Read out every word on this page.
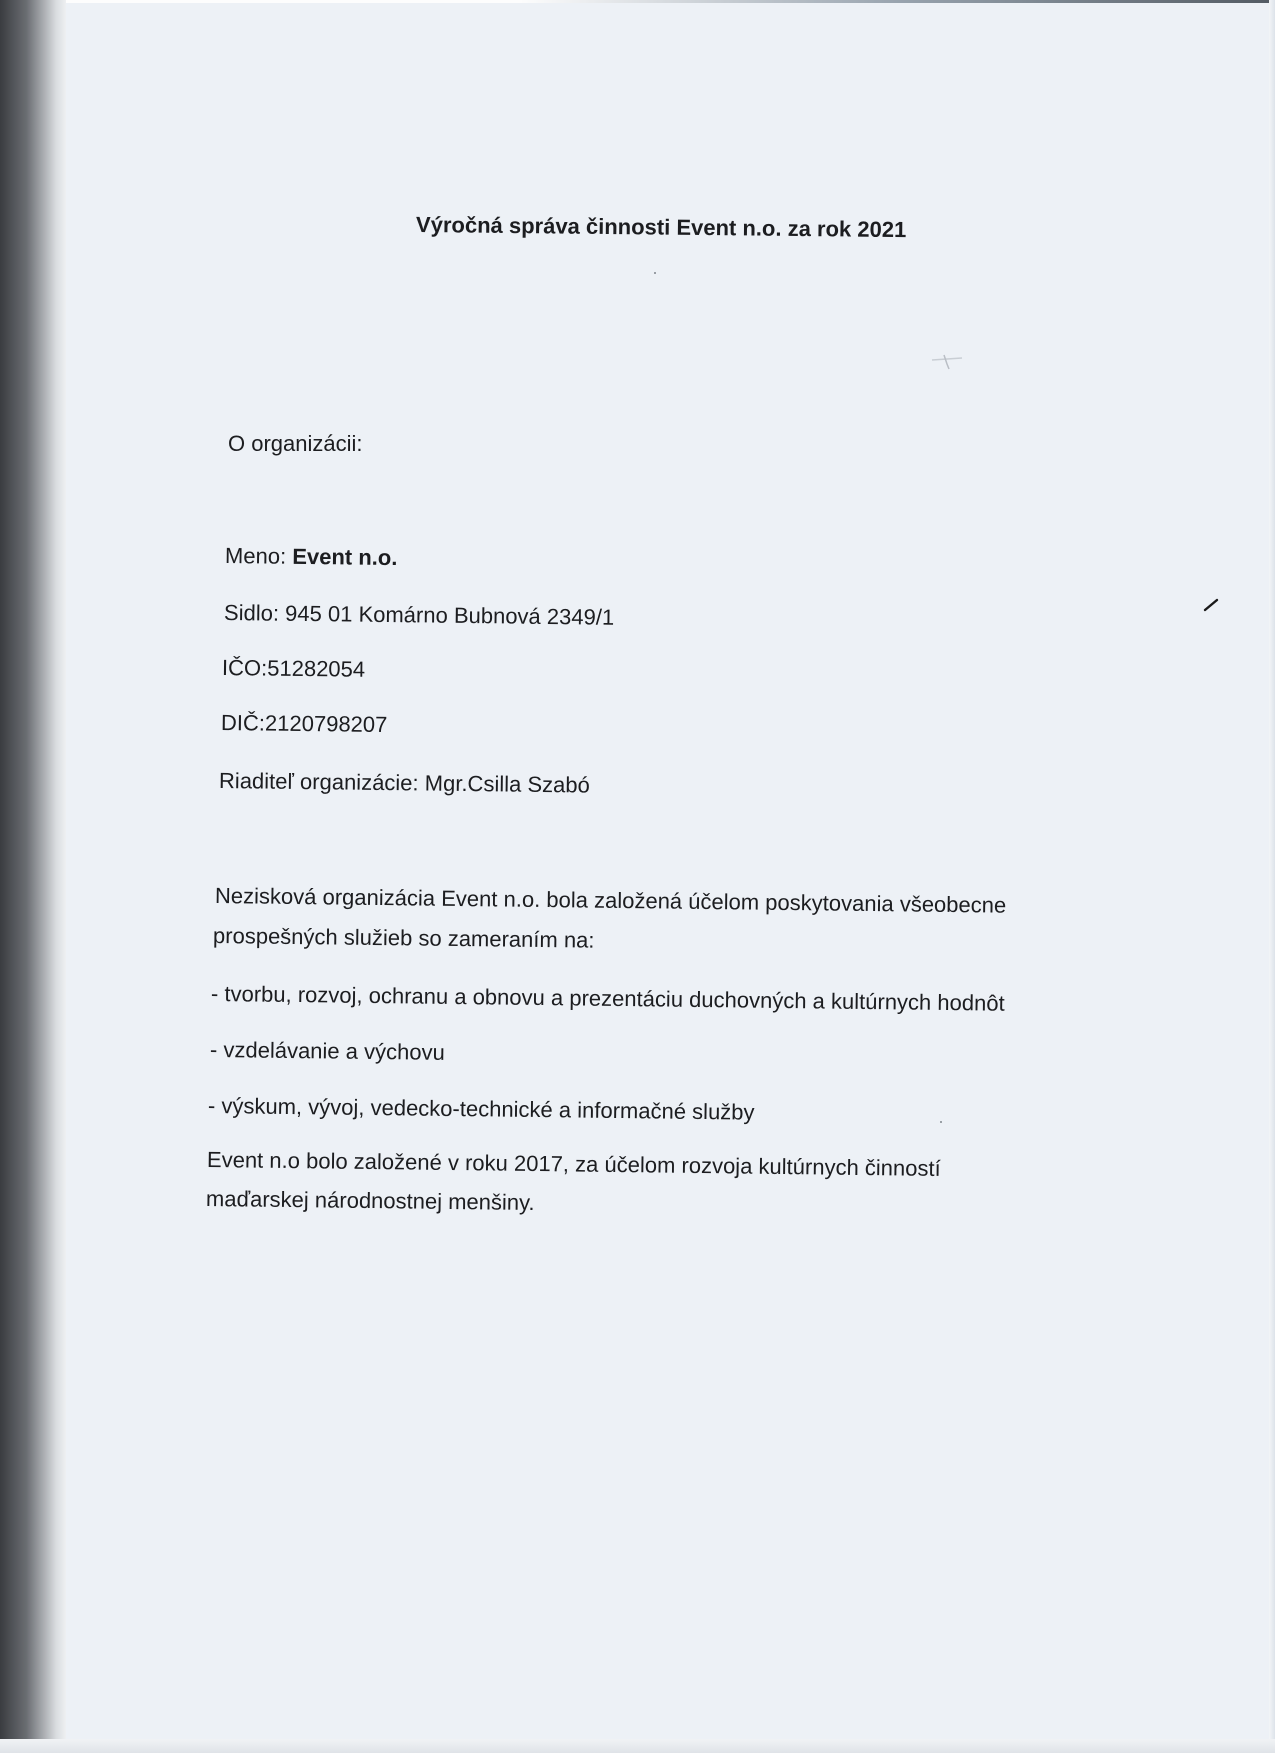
Výročná správa činnosti Event n.o. za rok 2021

O organizácii:

Meno: Event n.o.

Sidlo: 945 01 Komárno Bubnová 2349/1

IČO:51282054

DIČ:2120798207

Riaditeľ organizácie: Mgr.Csilla Szabó

Nezisková organizácia Event n.o. bola založená účelom poskytovania všeobecne

prospešných služieb so zameraním na:

- tvorbu, rozvoj, ochranu a obnovu a prezentáciu duchovných a kultúrnych hodnôt

- vzdelávanie a výchovu

- výskum, vývoj, vedecko-technické a informačné služby

Event n.o bolo založené v roku 2017, za účelom rozvoja kultúrnych činností

maďarskej národnostnej menšiny.
